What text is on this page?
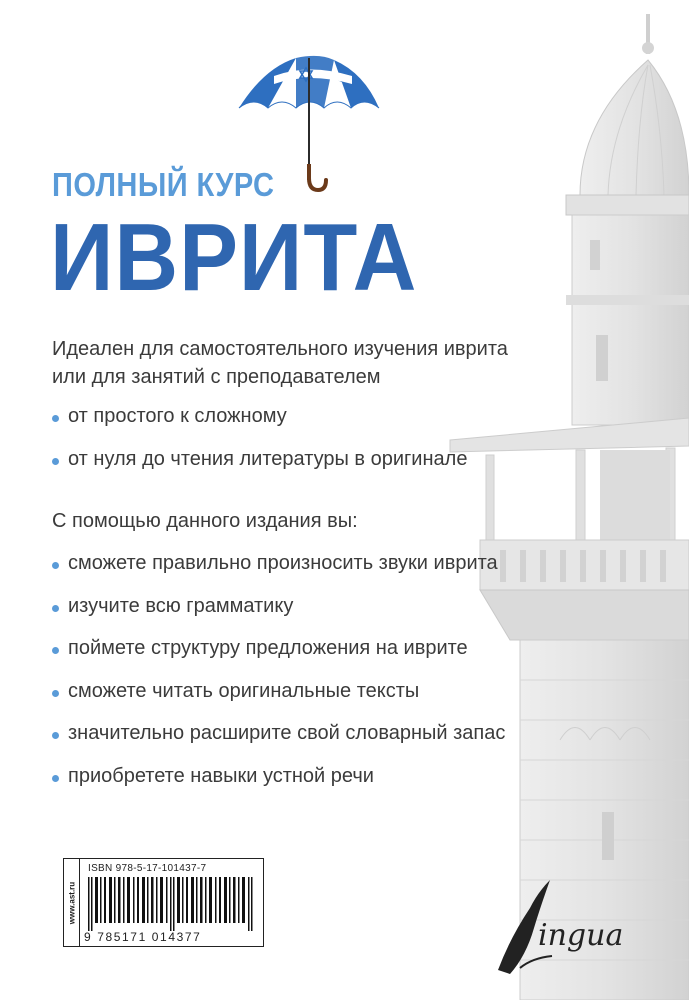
ПОЛНЫЙ КУРС
ИВРИТА
Идеален для самостоятельного изучения иврита или для занятий с преподавателем
от простого к сложному
от нуля до чтения литературы в оригинале
С помощью данного издания вы:
сможете правильно произносить звуки иврита
изучите всю грамматику
поймете структуру предложения на иврите
сможете читать оригинальные тексты
значительно расширите свой словарный запас
приобретете навыки устной речи
www.ast.ru
ISBN 978-5-17-101437-7
9 785171 014377	ingua
